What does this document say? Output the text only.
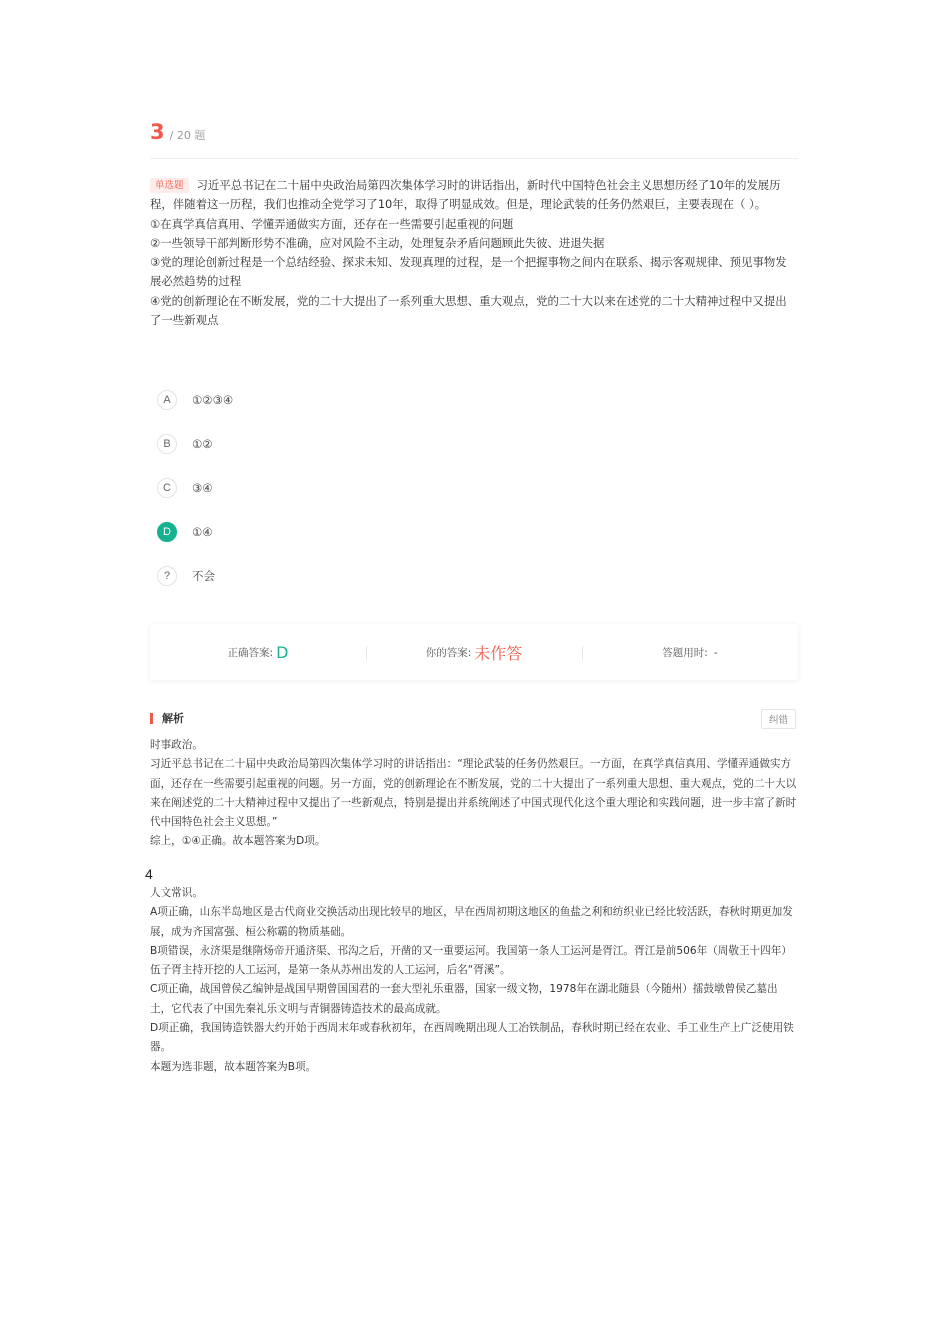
3 / 20 题

单选题 习近平总书记在二十届中央政治局第四次集体学习时的讲话指出，新时代中国特色社会主义思想历经了10年的发展历程，伴随着这一历程，我们也推动全党学习了10年，取得了明显成效。但是，理论武装的任务仍然艰巨，主要表现在（ ）。

①在真学真信真用、学懂弄通做实方面，还存在一些需要引起重视的问题

②一些领导干部判断形势不准确，应对风险不主动，处理复杂矛盾问题顾此失彼、进退失据

③党的理论创新过程是一个总结经验、探求未知、发现真理的过程，是一个把握事物之间内在联系、揭示客观规律、预见事物发展必然趋势的过程

④党的创新理论在不断发展，党的二十大提出了一系列重大思想、重大观点，党的二十大以来在述党的二十大精神过程中又提出了一些新观点

A	①②③④
B	①②
C	③④
D	①④
?	不会
正确答案: D	你的答案: 未作答	答题用时: -
解析	纠错

时事政治。

习近平总书记在二十届中央政治局第四次集体学习时的讲话指出：“理论武装的任务仍然艰巨。一方面，在真学真信真用、学懂弄通做实方面，还存在一些需要引起重视的问题。另一方面，党的创新理论在不断发展，党的二十大提出了一系列重大思想、重大观点，党的二十大以来在阐述党的二十大精神过程中又提出了一些新观点，特别是提出并系统阐述了中国式现代化这个重大理论和实践问题，进一步丰富了新时代中国特色社会主义思想。”

综上，①④正确。故本题答案为D项。

4

人文常识。

A项正确，山东半岛地区是古代商业交换活动出现比较早的地区，早在西周初期这地区的鱼盐之利和纺织业已经比较活跃，春秋时期更加发展，成为齐国富强、桓公称霸的物质基础。

B项错误，永济渠是继隋炀帝开通济渠、邗沟之后，开凿的又一重要运河。我国第一条人工运河是胥江。胥江是前506年（周敬王十四年）伍子胥主持开挖的人工运河，是第一条从苏州出发的人工运河，后名“胥溪”。

C项正确，战国曾侯乙编钟是战国早期曾国国君的一套大型礼乐重器，国家一级文物，1978年在湖北随县（今随州）擂鼓墩曾侯乙墓出土，它代表了中国先秦礼乐文明与青铜器铸造技术的最高成就。

D项正确，我国铸造铁器大约开始于西周末年或春秋初年，在西周晚期出现人工冶铁制品，春秋时期已经在农业、手工业生产上广泛使用铁器。

本题为选非题，故本题答案为B项。
